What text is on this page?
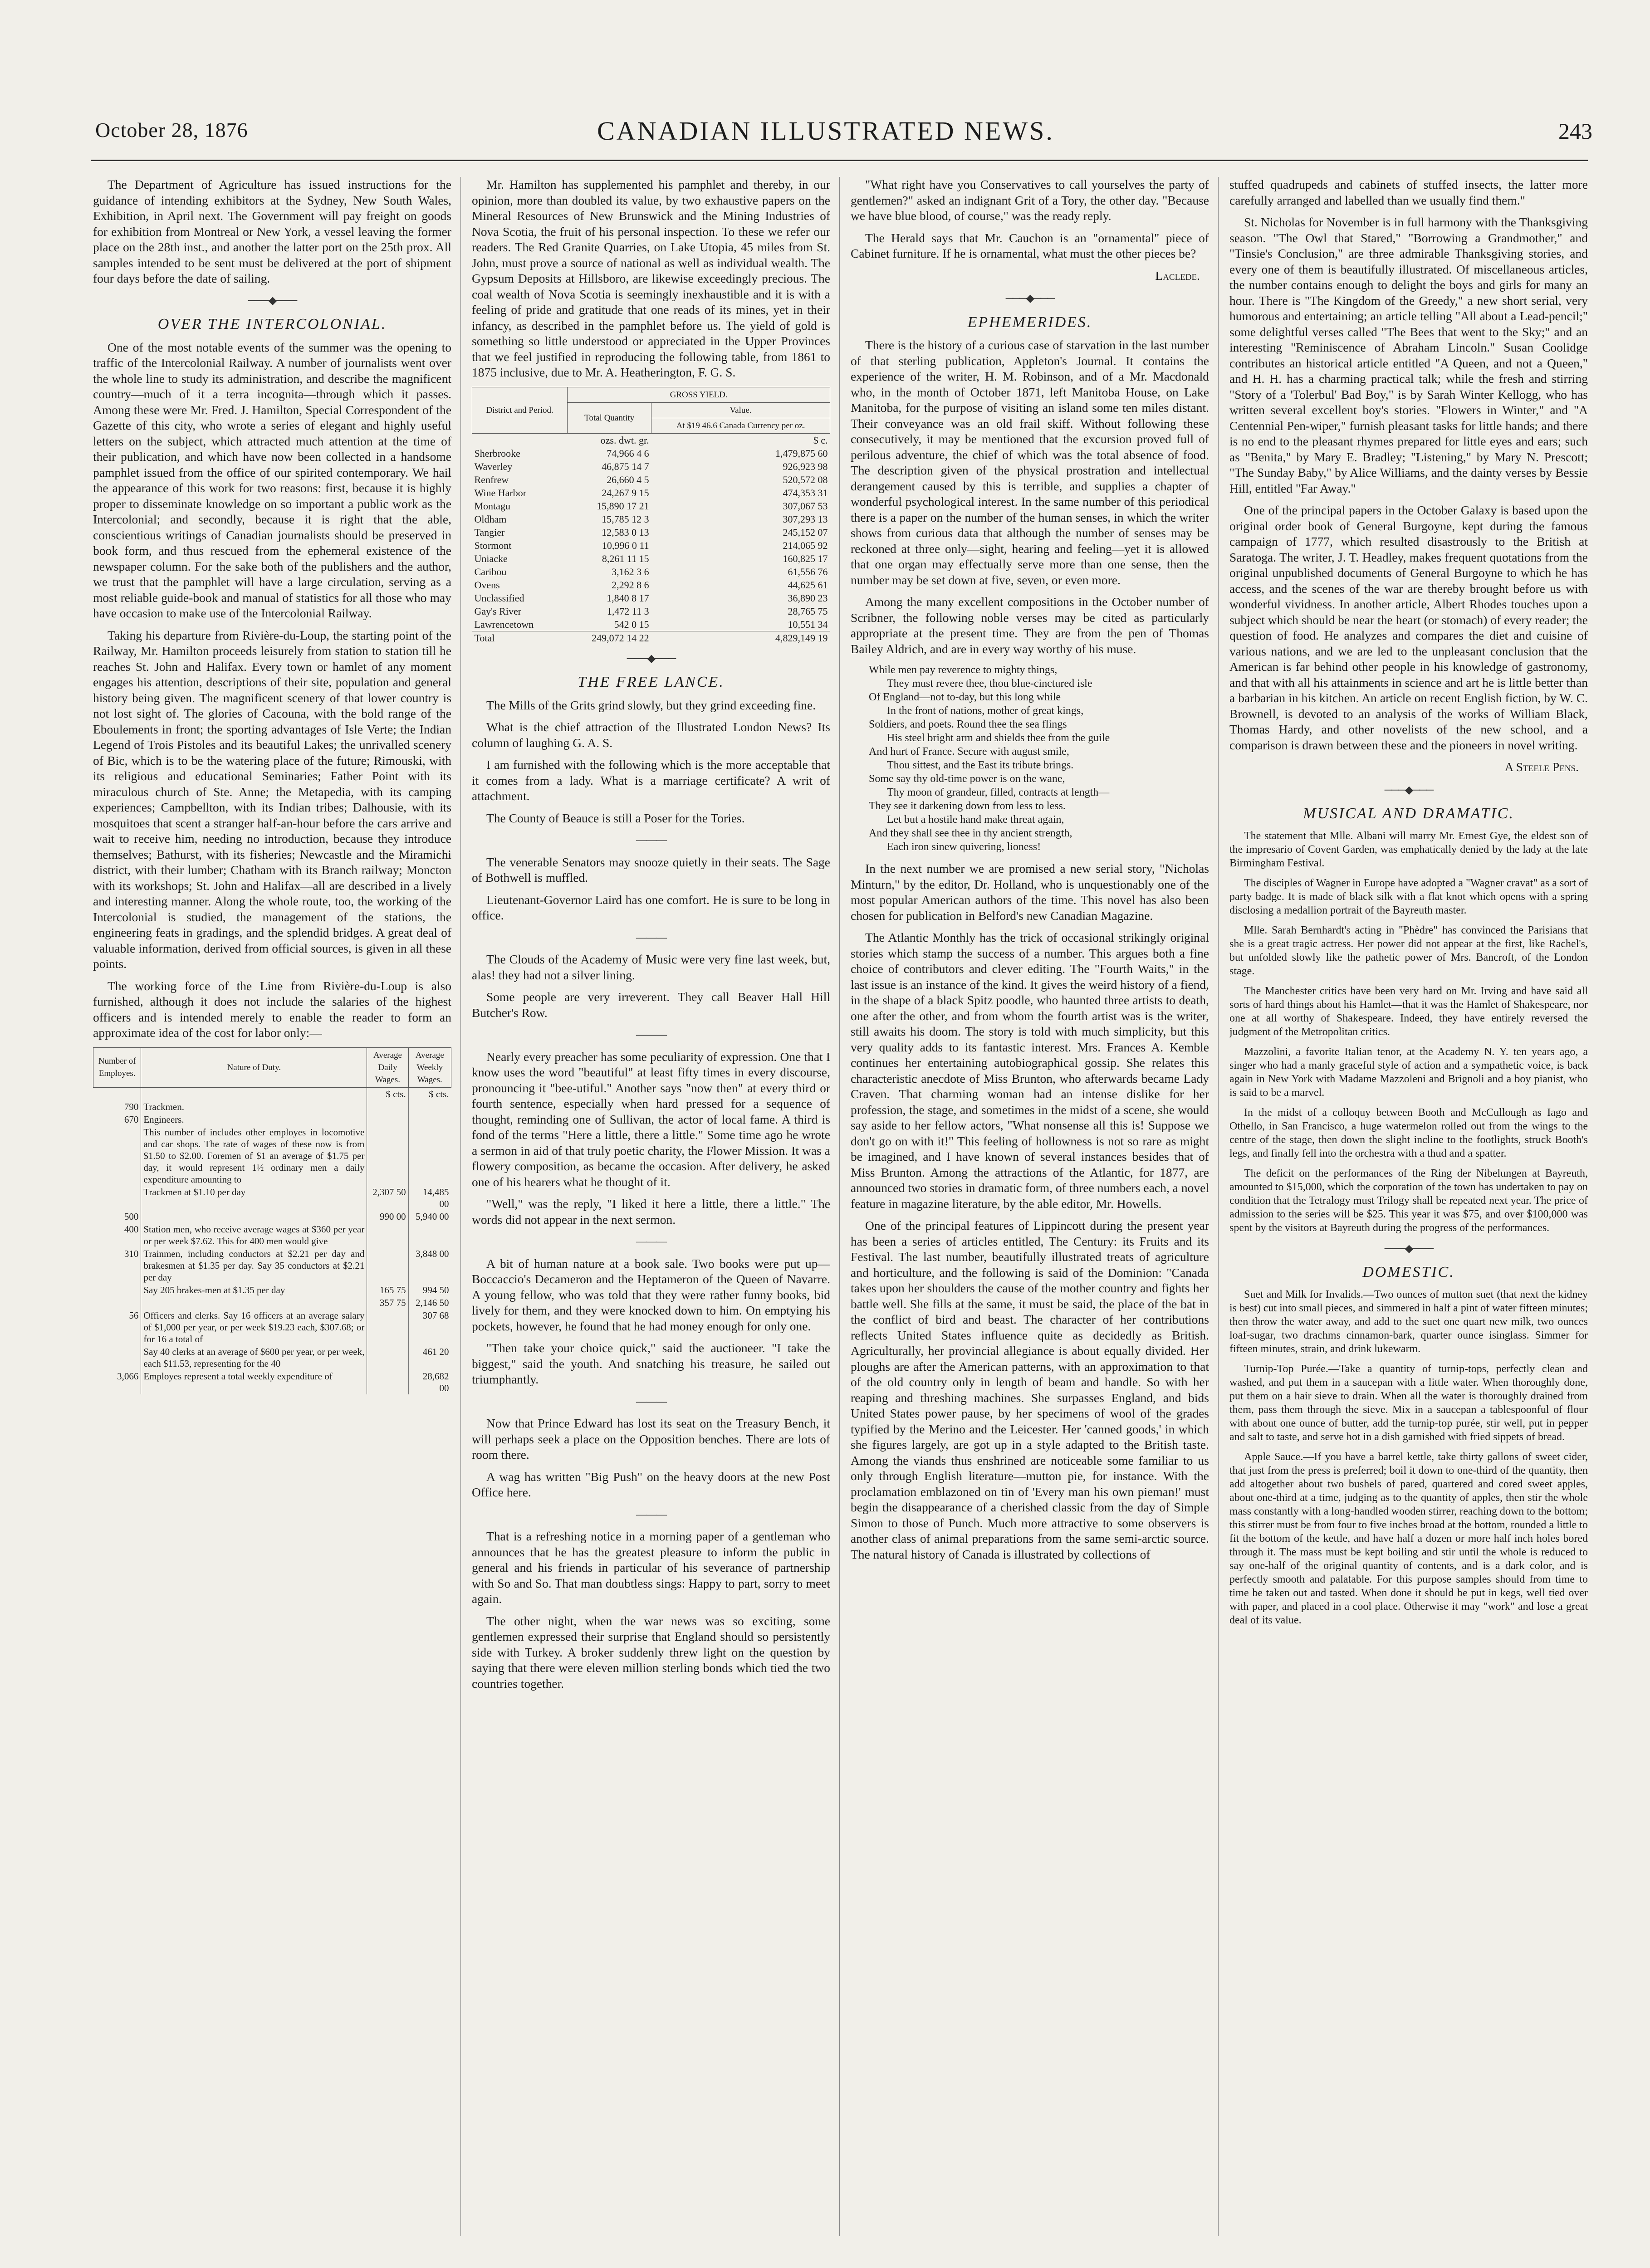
October 28, 1876	CANADIAN ILLUSTRATED NEWS.	243

The Department of Agriculture has issued instructions for the guidance of intending exhibitors at the Sydney, New South Wales, Exhibition, in April next. The Government will pay freight on goods for exhibition from Montreal or New York, a vessel leaving the former place on the 28th inst., and another the latter port on the 25th prox. All samples intended to be sent must be delivered at the port of shipment four days before the date of sailing.

───◆───
OVER THE INTERCOLONIAL.

One of the most notable events of the summer was the opening to traffic of the Intercolonial Railway. A number of journalists went over the whole line to study its administration, and describe the magnificent country—much of it a terra incognita—through which it passes. Among these were Mr. Fred. J. Hamilton, Special Correspondent of the Gazette of this city, who wrote a series of elegant and highly useful letters on the subject, which attracted much attention at the time of their publication, and which have now been collected in a handsome pamphlet issued from the office of our spirited contemporary. We hail the appearance of this work for two reasons: first, because it is highly proper to disseminate knowledge on so important a public work as the Intercolonial; and secondly, because it is right that the able, conscientious writings of Canadian journalists should be preserved in book form, and thus rescued from the ephemeral existence of the newspaper column. For the sake both of the publishers and the author, we trust that the pamphlet will have a large circulation, serving as a most reliable guide-book and manual of statistics for all those who may have occasion to make use of the Intercolonial Railway.

Taking his departure from Rivière-du-Loup, the starting point of the Railway, Mr. Hamilton proceeds leisurely from station to station till he reaches St. John and Halifax. Every town or hamlet of any moment engages his attention, descriptions of their site, population and general history being given. The magnificent scenery of that lower country is not lost sight of. The glories of Cacouna, with the bold range of the Eboulements in front; the sporting advantages of Isle Verte; the Indian Legend of Trois Pistoles and its beautiful Lakes; the unrivalled scenery of Bic, which is to be the watering place of the future; Rimouski, with its religious and educational Seminaries; Father Point with its miraculous church of Ste. Anne; the Metapedia, with its camping experiences; Campbellton, with its Indian tribes; Dalhousie, with its mosquitoes that scent a stranger half-an-hour before the cars arrive and wait to receive him, needing no introduction, because they introduce themselves; Bathurst, with its fisheries; Newcastle and the Miramichi district, with their lumber; Chatham with its Branch railway; Moncton with its workshops; St. John and Halifax—all are described in a lively and interesting manner. Along the whole route, too, the working of the Intercolonial is studied, the management of the stations, the engineering feats in gradings, and the splendid bridges. A great deal of valuable information, derived from official sources, is given in all these points.

The working force of the Line from Rivière-du-Loup is also furnished, although it does not include the salaries of the highest officers and is intended merely to enable the reader to form an approximate idea of the cost for labor only:—

Number of Employes.	Nature of Duty.	Average Daily Wages.	Average Weekly Wages.
		$ cts.	$ cts.
790	Trackmen.		
670	Engineers.		
	This number of includes other employes in locomotive and car shops. The rate of wages of these now is from $1.50 to $2.00. Foremen of $1 an average of $1.75 per day, it would represent 1½ ordinary men a daily expenditure amounting to		
	Trackmen at $1.10 per day	2,307 50	14,485 00
500		990 00	5,940 00
400	Station men, who receive average wages at $360 per year or per week $7.62. This for 400 men would give		
310	Trainmen, including conductors at $2.21 per day and brakesmen at $1.35 per day. Say 35 conductors at $2.21 per day		3,848 00
	Say 205 brakes-men at $1.35 per day	165 75	994 50
		357 75	2,146 50
56	Officers and clerks. Say 16 officers at an average salary of $1,000 per year, or per week $19.23 each, $307.68; or for 16 a total of		307 68
	Say 40 clerks at an average of $600 per year, or per week, each $11.53, representing for the 40		461 20
3,066	Employes represent a total weekly expenditure of		28,682 00

Mr. Hamilton has supplemented his pamphlet and thereby, in our opinion, more than doubled its value, by two exhaustive papers on the Mineral Resources of New Brunswick and the Mining Industries of Nova Scotia, the fruit of his personal inspection. To these we refer our readers. The Red Granite Quarries, on Lake Utopia, 45 miles from St. John, must prove a source of national as well as individual wealth. The Gypsum Deposits at Hillsboro, are likewise exceedingly precious. The coal wealth of Nova Scotia is seemingly inexhaustible and it is with a feeling of pride and gratitude that one reads of its mines, yet in their infancy, as described in the pamphlet before us. The yield of gold is something so little understood or appreciated in the Upper Provinces that we feel justified in reproducing the following table, from 1861 to 1875 inclusive, due to Mr. A. Heatherington, F. G. S.

District and Period.	GROSS YIELD.	
	Total Quantity	Value.
		At $19 46.6 Canada Currency per oz.
	ozs. dwt. gr.	$ c.
Sherbrooke	74,966 4 6	1,479,875 60
Waverley	46,875 14 7	926,923 98
Renfrew	26,660 4 5	520,572 08
Wine Harbor	24,267 9 15	474,353 31
Montagu	15,890 17 21	307,067 53
Oldham	15,785 12 3	307,293 13
Tangier	12,583 0 13	245,152 07
Stormont	10,996 0 11	214,065 92
Uniacke	8,261 11 15	160,825 17
Caribou	3,162 3 6	61,556 76
Ovens	2,292 8 6	44,625 61
Unclassified	1,840 8 17	36,890 23
Gay's River	1,472 11 3	28,765 75
Lawrencetown	542 0 15	10,551 34
Total	249,072 14 22	4,829,149 19
───◆───
THE FREE LANCE.

The Mills of the Grits grind slowly, but they grind exceeding fine.

What is the chief attraction of the Illustrated London News? Its column of laughing G. A. S.

I am furnished with the following which is the more acceptable that it comes from a lady. What is a marriage certificate? A writ of attachment.

The County of Beauce is still a Poser for the Tories.

———

The venerable Senators may snooze quietly in their seats. The Sage of Bothwell is muffled.

Lieutenant-Governor Laird has one comfort. He is sure to be long in office.

———

The Clouds of the Academy of Music were very fine last week, but, alas! they had not a silver lining.

Some people are very irreverent. They call Beaver Hall Hill Butcher's Row.

———

Nearly every preacher has some peculiarity of expression. One that I know uses the word "beautiful" at least fifty times in every discourse, pronouncing it "bee-utiful." Another says "now then" at every third or fourth sentence, especially when hard pressed for a sequence of thought, reminding one of Sullivan, the actor of local fame. A third is fond of the terms "Here a little, there a little." Some time ago he wrote a sermon in aid of that truly poetic charity, the Flower Mission. It was a flowery composition, as became the occasion. After delivery, he asked one of his hearers what he thought of it.

"Well," was the reply, "I liked it here a little, there a little." The words did not appear in the next sermon.

———

A bit of human nature at a book sale. Two books were put up—Boccaccio's Decameron and the Heptameron of the Queen of Navarre. A young fellow, who was told that they were rather funny books, bid lively for them, and they were knocked down to him. On emptying his pockets, however, he found that he had money enough for only one.

"Then take your choice quick," said the auctioneer. "I take the biggest," said the youth. And snatching his treasure, he sailed out triumphantly.

———

Now that Prince Edward has lost its seat on the Treasury Bench, it will perhaps seek a place on the Opposition benches. There are lots of room there.

A wag has written "Big Push" on the heavy doors at the new Post Office here.

———

That is a refreshing notice in a morning paper of a gentleman who announces that he has the greatest pleasure to inform the public in general and his friends in particular of his severance of partnership with So and So. That man doubtless sings: Happy to part, sorry to meet again.

The other night, when the war news was so exciting, some gentlemen expressed their surprise that England should so persistently side with Turkey. A broker suddenly threw light on the question by saying that there were eleven million sterling bonds which tied the two countries together.

"What right have you Conservatives to call yourselves the party of gentlemen?" asked an indignant Grit of a Tory, the other day. "Because we have blue blood, of course," was the ready reply.

The Herald says that Mr. Cauchon is an "ornamental" piece of Cabinet furniture. If he is ornamental, what must the other pieces be?

Laclede.
───◆───
EPHEMERIDES.

There is the history of a curious case of starvation in the last number of that sterling publication, Appleton's Journal. It contains the experience of the writer, H. M. Robinson, and of a Mr. Macdonald who, in the month of October 1871, left Manitoba House, on Lake Manitoba, for the purpose of visiting an island some ten miles distant. Their conveyance was an old frail skiff. Without following these consecutively, it may be mentioned that the excursion proved full of perilous adventure, the chief of which was the total absence of food. The description given of the physical prostration and intellectual derangement caused by this is terrible, and supplies a chapter of wonderful psychological interest. In the same number of this periodical there is a paper on the number of the human senses, in which the writer shows from curious data that although the number of senses may be reckoned at three only—sight, hearing and feeling—yet it is allowed that one organ may effectually serve more than one sense, then the number may be set down at five, seven, or even more.

Among the many excellent compositions in the October number of Scribner, the following noble verses may be cited as particularly appropriate at the present time. They are from the pen of Thomas Bailey Aldrich, and are in every way worthy of his muse.

While men pay reverence to mighty things,
They must revere thee, thou blue-cinctured isle
Of England—not to-day, but this long while
In the front of nations, mother of great kings,
Soldiers, and poets. Round thee the sea flings
His steel bright arm and shields thee from the guile
And hurt of France. Secure with august smile,
Thou sittest, and the East its tribute brings.
Some say thy old-time power is on the wane,
Thy moon of grandeur, filled, contracts at length—
They see it darkening down from less to less.
Let but a hostile hand make threat again,
And they shall see thee in thy ancient strength,
Each iron sinew quivering, lioness!

In the next number we are promised a new serial story, "Nicholas Minturn," by the editor, Dr. Holland, who is unquestionably one of the most popular American authors of the time. This novel has also been chosen for publication in Belford's new Canadian Magazine.

The Atlantic Monthly has the trick of occasional strikingly original stories which stamp the success of a number. This argues both a fine choice of contributors and clever editing. The "Fourth Waits," in the last issue is an instance of the kind. It gives the weird history of a fiend, in the shape of a black Spitz poodle, who haunted three artists to death, one after the other, and from whom the fourth artist was is the writer, still awaits his doom. The story is told with much simplicity, but this very quality adds to its fantastic interest. Mrs. Frances A. Kemble continues her entertaining autobiographical gossip. She relates this characteristic anecdote of Miss Brunton, who afterwards became Lady Craven. That charming woman had an intense dislike for her profession, the stage, and sometimes in the midst of a scene, she would say aside to her fellow actors, "What nonsense all this is! Suppose we don't go on with it!" This feeling of hollowness is not so rare as might be imagined, and I have known of several instances besides that of Miss Brunton. Among the attractions of the Atlantic, for 1877, are announced two stories in dramatic form, of three numbers each, a novel feature in magazine literature, by the able editor, Mr. Howells.

One of the principal features of Lippincott during the present year has been a series of articles entitled, The Century: its Fruits and its Festival. The last number, beautifully illustrated treats of agriculture and horticulture, and the following is said of the Dominion: "Canada takes upon her shoulders the cause of the mother country and fights her battle well. She fills at the same, it must be said, the place of the bat in the conflict of bird and beast. The character of her contributions reflects United States influence quite as decidedly as British. Agriculturally, her provincial allegiance is about equally divided. Her ploughs are after the American patterns, with an approximation to that of the old country only in length of beam and handle. So with her reaping and threshing machines. She surpasses England, and bids United States power pause, by her specimens of wool of the grades typified by the Merino and the Leicester. Her 'canned goods,' in which she figures largely, are got up in a style adapted to the British taste. Among the viands thus enshrined are noticeable some familiar to us only through English literature—mutton pie, for instance. With the proclamation emblazoned on tin of 'Every man his own pieman!' must begin the disappearance of a cherished classic from the day of Simple Simon to those of Punch. Much more attractive to some observers is another class of animal preparations from the same semi-arctic source. The natural history of Canada is illustrated by collections of

stuffed quadrupeds and cabinets of stuffed insects, the latter more carefully arranged and labelled than we usually find them."

St. Nicholas for November is in full harmony with the Thanksgiving season. "The Owl that Stared," "Borrowing a Grandmother," and "Tinsie's Conclusion," are three admirable Thanksgiving stories, and every one of them is beautifully illustrated. Of miscellaneous articles, the number contains enough to delight the boys and girls for many an hour. There is "The Kingdom of the Greedy," a new short serial, very humorous and entertaining; an article telling "All about a Lead-pencil;" some delightful verses called "The Bees that went to the Sky;" and an interesting "Reminiscence of Abraham Lincoln." Susan Coolidge contributes an historical article entitled "A Queen, and not a Queen," and H. H. has a charming practical talk; while the fresh and stirring "Story of a 'Tolerbul' Bad Boy," is by Sarah Winter Kellogg, who has written several excellent boy's stories. "Flowers in Winter," and "A Centennial Pen-wiper," furnish pleasant tasks for little hands; and there is no end to the pleasant rhymes prepared for little eyes and ears; such as "Benita," by Mary E. Bradley; "Listening," by Mary N. Prescott; "The Sunday Baby," by Alice Williams, and the dainty verses by Bessie Hill, entitled "Far Away."

One of the principal papers in the October Galaxy is based upon the original order book of General Burgoyne, kept during the famous campaign of 1777, which resulted disastrously to the British at Saratoga. The writer, J. T. Headley, makes frequent quotations from the original unpublished documents of General Burgoyne to which he has access, and the scenes of the war are thereby brought before us with wonderful vividness. In another article, Albert Rhodes touches upon a subject which should be near the heart (or stomach) of every reader; the question of food. He analyzes and compares the diet and cuisine of various nations, and we are led to the unpleasant conclusion that the American is far behind other people in his knowledge of gastronomy, and that with all his attainments in science and art he is little better than a barbarian in his kitchen. An article on recent English fiction, by W. C. Brownell, is devoted to an analysis of the works of William Black, Thomas Hardy, and other novelists of the new school, and a comparison is drawn between these and the pioneers in novel writing.

A Steele Pens.
───◆───
MUSICAL AND DRAMATIC.

The statement that Mlle. Albani will marry Mr. Ernest Gye, the eldest son of the impresario of Covent Garden, was emphatically denied by the lady at the late Birmingham Festival.

The disciples of Wagner in Europe have adopted a "Wagner cravat" as a sort of party badge. It is made of black silk with a flat knot which opens with a spring disclosing a medallion portrait of the Bayreuth master.

Mlle. Sarah Bernhardt's acting in "Phèdre" has convinced the Parisians that she is a great tragic actress. Her power did not appear at the first, like Rachel's, but unfolded slowly like the pathetic power of Mrs. Bancroft, of the London stage.

The Manchester critics have been very hard on Mr. Irving and have said all sorts of hard things about his Hamlet—that it was the Hamlet of Shakespeare, nor one at all worthy of Shakespeare. Indeed, they have entirely reversed the judgment of the Metropolitan critics.

Mazzolini, a favorite Italian tenor, at the Academy N. Y. ten years ago, a singer who had a manly graceful style of action and a sympathetic voice, is back again in New York with Madame Mazzoleni and Brignoli and a boy pianist, who is said to be a marvel.

In the midst of a colloquy between Booth and McCullough as Iago and Othello, in San Francisco, a huge watermelon rolled out from the wings to the centre of the stage, then down the slight incline to the footlights, struck Booth's legs, and finally fell into the orchestra with a thud and a spatter.

The deficit on the performances of the Ring der Nibelungen at Bayreuth, amounted to $15,000, which the corporation of the town has undertaken to pay on condition that the Tetralogy must Trilogy shall be repeated next year. The price of admission to the series will be $25. This year it was $75, and over $100,000 was spent by the visitors at Bayreuth during the progress of the performances.

───◆───
DOMESTIC.

Suet and Milk for Invalids.—Two ounces of mutton suet (that next the kidney is best) cut into small pieces, and simmered in half a pint of water fifteen minutes; then throw the water away, and add to the suet one quart new milk, two ounces loaf-sugar, two drachms cinnamon-bark, quarter ounce isinglass. Simmer for fifteen minutes, strain, and drink lukewarm.

Turnip-Top Purée.—Take a quantity of turnip-tops, perfectly clean and washed, and put them in a saucepan with a little water. When thoroughly done, put them on a hair sieve to drain. When all the water is thoroughly drained from them, pass them through the sieve. Mix in a saucepan a tablespoonful of flour with about one ounce of butter, add the turnip-top purée, stir well, put in pepper and salt to taste, and serve hot in a dish garnished with fried sippets of bread.

Apple Sauce.—If you have a barrel kettle, take thirty gallons of sweet cider, that just from the press is preferred; boil it down to one-third of the quantity, then add altogether about two bushels of pared, quartered and cored sweet apples, about one-third at a time, judging as to the quantity of apples, then stir the whole mass constantly with a long-handled wooden stirrer, reaching down to the bottom; this stirrer must be from four to five inches broad at the bottom, rounded a little to fit the bottom of the kettle, and have half a dozen or more half inch holes bored through it. The mass must be kept boiling and stir until the whole is reduced to say one-half of the original quantity of contents, and is a dark color, and is perfectly smooth and palatable. For this purpose samples should from time to time be taken out and tasted. When done it should be put in kegs, well tied over with paper, and placed in a cool place. Otherwise it may "work" and lose a great deal of its value.
